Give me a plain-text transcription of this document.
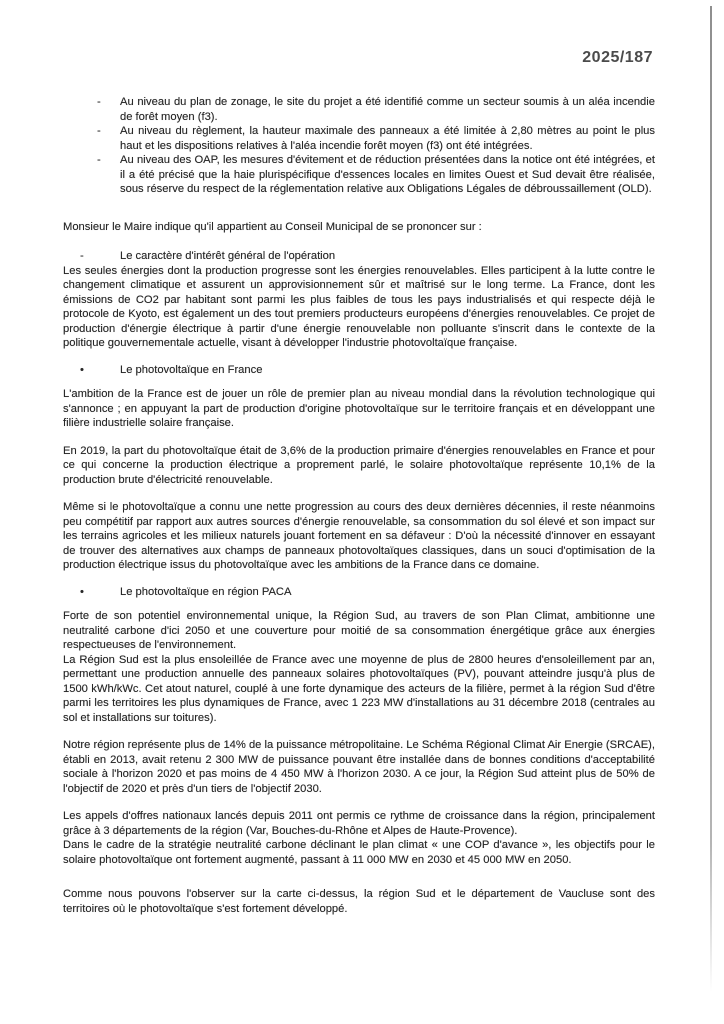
2025/187
-	Au niveau du plan de zonage, le site du projet a été identifié comme un secteur soumis à un aléa incendie de forêt moyen (f3).
-	Au niveau du règlement, la hauteur maximale des panneaux a été limitée à 2,80 mètres au point le plus haut et les dispositions relatives à l'aléa incendie forêt moyen (f3) ont été intégrées.
-	Au niveau des OAP, les mesures d'évitement et de réduction présentées dans la notice ont été intégrées, et il a été précisé que la haie plurispécifique d'essences locales en limites Ouest et Sud devait être réalisée, sous réserve du respect de la réglementation relative aux Obligations Légales de débroussaillement (OLD).

Monsieur le Maire indique qu'il appartient au Conseil Municipal de se prononcer sur :

-	Le caractère d'intérêt général de l'opération

Les seules énergies dont la production progresse sont les énergies renouvelables. Elles participent à la lutte contre le changement climatique et assurent un approvisionnement sûr et maîtrisé sur le long terme. La France, dont les émissions de CO2 par habitant sont parmi les plus faibles de tous les pays industrialisés et qui respecte déjà le protocole de Kyoto, est également un des tout premiers producteurs européens d'énergies renouvelables. Ce projet de production d'énergie électrique à partir d'une énergie renouvelable non polluante s'inscrit dans le contexte de la politique gouvernementale actuelle, visant à développer l'industrie photovoltaïque française.

•	Le photovoltaïque en France

L'ambition de la France est de jouer un rôle de premier plan au niveau mondial dans la révolution technologique qui s'annonce ; en appuyant la part de production d'origine photovoltaïque sur le territoire français et en développant une filière industrielle solaire française.

En 2019, la part du photovoltaïque était de 3,6% de la production primaire d'énergies renouvelables en France et pour ce qui concerne la production électrique a proprement parlé, le solaire photovoltaïque représente 10,1% de la production brute d'électricité renouvelable.

Même si le photovoltaïque a connu une nette progression au cours des deux dernières décennies, il reste néanmoins peu compétitif par rapport aux autres sources d'énergie renouvelable, sa consommation du sol élevé et son impact sur les terrains agricoles et les milieux naturels jouant fortement en sa défaveur : D'où la nécessité d'innover en essayant de trouver des alternatives aux champs de panneaux photovoltaïques classiques, dans un souci d'optimisation de la production électrique issus du photovoltaïque avec les ambitions de la France dans ce domaine.

•	Le photovoltaïque en région PACA

Forte de son potentiel environnemental unique, la Région Sud, au travers de son Plan Climat, ambitionne une neutralité carbone d'ici 2050 et une couverture pour moitié de sa consommation énergétique grâce aux énergies respectueuses de l'environnement.

La Région Sud est la plus ensoleillée de France avec une moyenne de plus de 2800 heures d'ensoleillement par an, permettant une production annuelle des panneaux solaires photovoltaïques (PV), pouvant atteindre jusqu'à plus de 1500 kWh/kWc. Cet atout naturel, couplé à une forte dynamique des acteurs de la filière, permet à la région Sud d'être parmi les territoires les plus dynamiques de France, avec 1 223 MW d'installations au 31 décembre 2018 (centrales au sol et installations sur toitures).

Notre région représente plus de 14% de la puissance métropolitaine. Le Schéma Régional Climat Air Energie (SRCAE), établi en 2013, avait retenu 2 300 MW de puissance pouvant être installée dans de bonnes conditions d'acceptabilité sociale à l'horizon 2020 et pas moins de 4 450 MW à l'horizon 2030. A ce jour, la Région Sud atteint plus de 50% de l'objectif de 2020 et près d'un tiers de l'objectif 2030.

Les appels d'offres nationaux lancés depuis 2011 ont permis ce rythme de croissance dans la région, principalement grâce à 3 départements de la région (Var, Bouches-du-Rhône et Alpes de Haute-Provence).

Dans le cadre de la stratégie neutralité carbone déclinant le plan climat « une COP d'avance », les objectifs pour le solaire photovoltaïque ont fortement augmenté, passant à 11 000 MW en 2030 et 45 000 MW en 2050.

Comme nous pouvons l'observer sur la carte ci-dessus, la région Sud et le département de Vaucluse sont des territoires où le photovoltaïque s'est fortement développé.
